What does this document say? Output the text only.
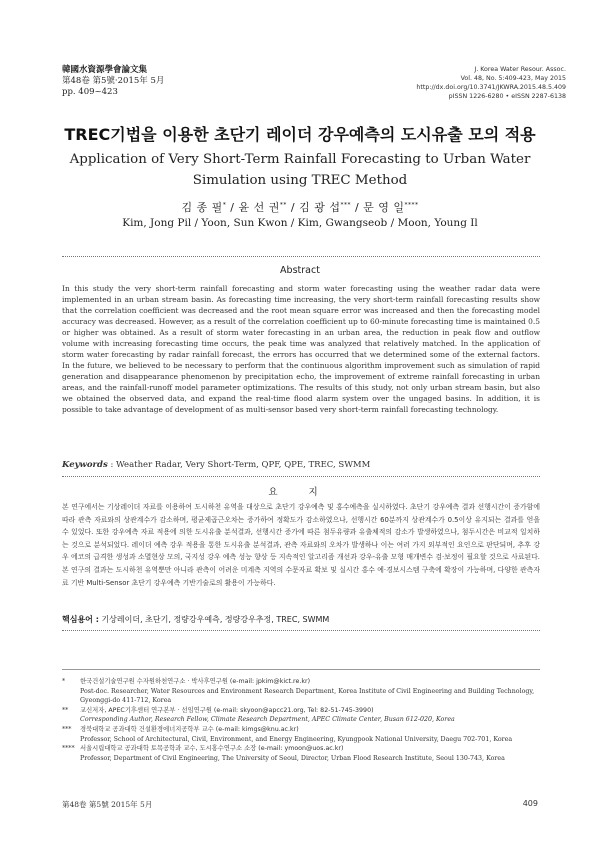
韓國水資源學會論文集
第48卷 第5號·2015年 5月
pp. 409~423
J. Korea Water Resour. Assoc.
Vol. 48, No. 5:409-423, May 2015
http://dx.doi.org/10.3741/JKWRA.2015.48.5.409
pISSN 1226-6280 • eISSN 2287-6138
TREC기법을 이용한 초단기 레이더 강우예측의 도시유출 모의 적용
Application of Very Short-Term Rainfall Forecasting to Urban Water Simulation using TREC Method
김 종 필* / 윤 선 권** / 김 광 섭*** / 문 영 일****
Kim, Jong Pil / Yoon, Sun Kwon / Kim, Gwangseob / Moon, Young Il
Abstract
In this study the very short-term rainfall forecasting and storm water forecasting using the weather radar data were implemented in an urban stream basin. As forecasting time increasing, the very short-term rainfall forecasting results show that the correlation coefficient was decreased and the root mean square error was increased and then the forecasting model accuracy was decreased. However, as a result of the correlation coefficient up to 60-minute forecasting time is maintained 0.5 or higher was obtained. As a result of storm water forecasting in an urban area, the reduction in peak flow and outflow volume with increasing forecasting time occurs, the peak time was analyzed that relatively matched. In the application of storm water forecasting by radar rainfall forecast, the errors has occurred that we determined some of the external factors. In the future, we believed to be necessary to perform that the continuous algorithm improvement such as simulation of rapid generation and disappearance phenomenon by precipitation echo, the improvement of extreme rainfall forecasting in urban areas, and the rainfall-runoff model parameter optimizations. The results of this study, not only urban stream basin, but also we obtained the observed data, and expand the real-time flood alarm system over the ungaged basins. In addition, it is possible to take advantage of development of as multi-sensor based very short-term rainfall forecasting technology.
Keywords : Weather Radar, Very Short-Term, QPF, QPE, TREC, SWMM
요 지
본 연구에서는 기상레이더 자료를 이용하여 도시하천 유역을 대상으로 초단기 강우예측 및 홍수예측을 실시하였다. 초단기 강우예측 결과 선행시간이 증가함에 따라 관측 자료와의 상관계수가 감소하며, 평균제곱근오차는 증가하여 정확도가 감소하였으나, 선행시간 60분까지 상관계수가 0.5이상 유지되는 결과를 얻을 수 있었다. 또한 강우예측 자료 적용에 의한 도시유출 분석결과, 선행시간 증가에 따른 첨두유량과 유출체적의 감소가 발생하였으나, 첨두시간은 비교적 일치하는 것으로 분석되었다. 레이더 예측 강우 적용을 통한 도시유출 분석결과, 관측 자료와의 오차가 발생하나 이는 여러 가지 외부적인 요인으로 판단되며, 추후 강우 에코의 급격한 생성과 소멸현상 모의, 국지성 강우 예측 성능 향상 등 지속적인 알고리즘 개선과 강우-유출 모형 매개변수 검·보정이 필요할 것으로 사료된다. 본 연구의 결과는 도시하천 유역뿐만 아니라 관측이 어려운 미계측 지역의 수문자료 확보 및 실시간 홍수 예·경보시스템 구축에 확장이 가능하며, 다양한 관측자료 기반 Multi-Sensor 초단기 강우예측 기반기술로의 활용이 가능하다.
핵심용어 : 기상레이더, 초단기, 정량강우예측, 정량강우추정, TREC, SWMM
*	한국건설기술연구원 수자원하천연구소 · 박사후연구원 (e-mail: jpkim@kict.re.kr)
Post-doc. Researcher, Water Resources and Environment Research Department, Korea Institute of Civil Engineering and Building Technology, Gyeonggi-do 411-712, Korea
**	교신저자, APEC기후센터 연구본부 · 선임연구원 (e-mail: skyoon@apcc21.org, Tel: 82-51-745-3990)
Corresponding Author, Research Fellow, Climate Research Department, APEC Climate Center, Busan 612-020, Korea
***	경북대학교 공과대학 건설환경에너지공학부 교수 (e-mail: kimgs@knu.ac.kr)
Professor, School of Architectural, Civil, Environment, and Energy Engineering, Kyungpook National University, Daegu 702-701, Korea
**** 서울시립대학교 공과대학 토목공학과 교수, 도시홍수연구소 소장 (e-mail: ymoon@uos.ac.kr)
Professor, Department of Civil Engineering, The University of Seoul, Director, Urban Flood Research Institute, Seoul 130-743, Korea
第48卷 第5號 2015年 5月	409
